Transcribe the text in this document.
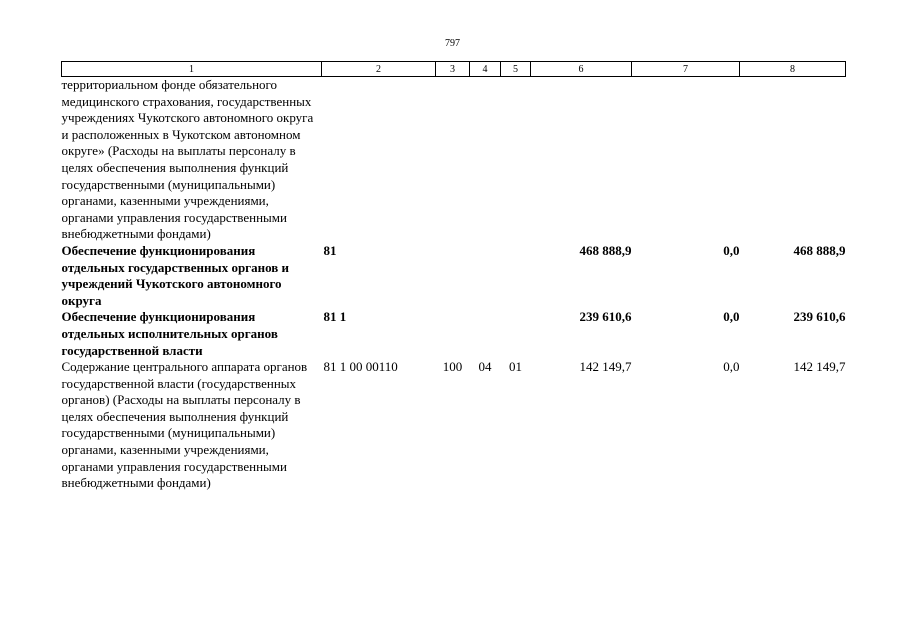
797
1	2	3	4	5	6	7	8
территориальном фонде обязательного медицинского страхования, государственных учреждениях Чукотского автономного округа и расположенных в Чукотском автономном округе» (Расходы на выплаты персоналу в целях обеспечения выполнения функций государственными (муниципальными) органами, казенными учреждениями, органами управления государственными внебюджетными фондами)							
Обеспечение функционирования отдельных государственных органов и учреждений Чукотского автономного округа	81				468 888,9	0,0	468 888,9
Обеспечение функционирования отдельных исполнительных органов государственной власти	81 1				239 610,6	0,0	239 610,6
Содержание центрального аппарата органов государственной власти (государственных органов) (Расходы на выплаты персоналу в целях обеспечения выполнения функций государственными (муниципальными) органами, казенными учреждениями, органами управления государственными внебюджетными фондами)	81 1 00 00110	100	04	01	142 149,7	0,0	142 149,7
